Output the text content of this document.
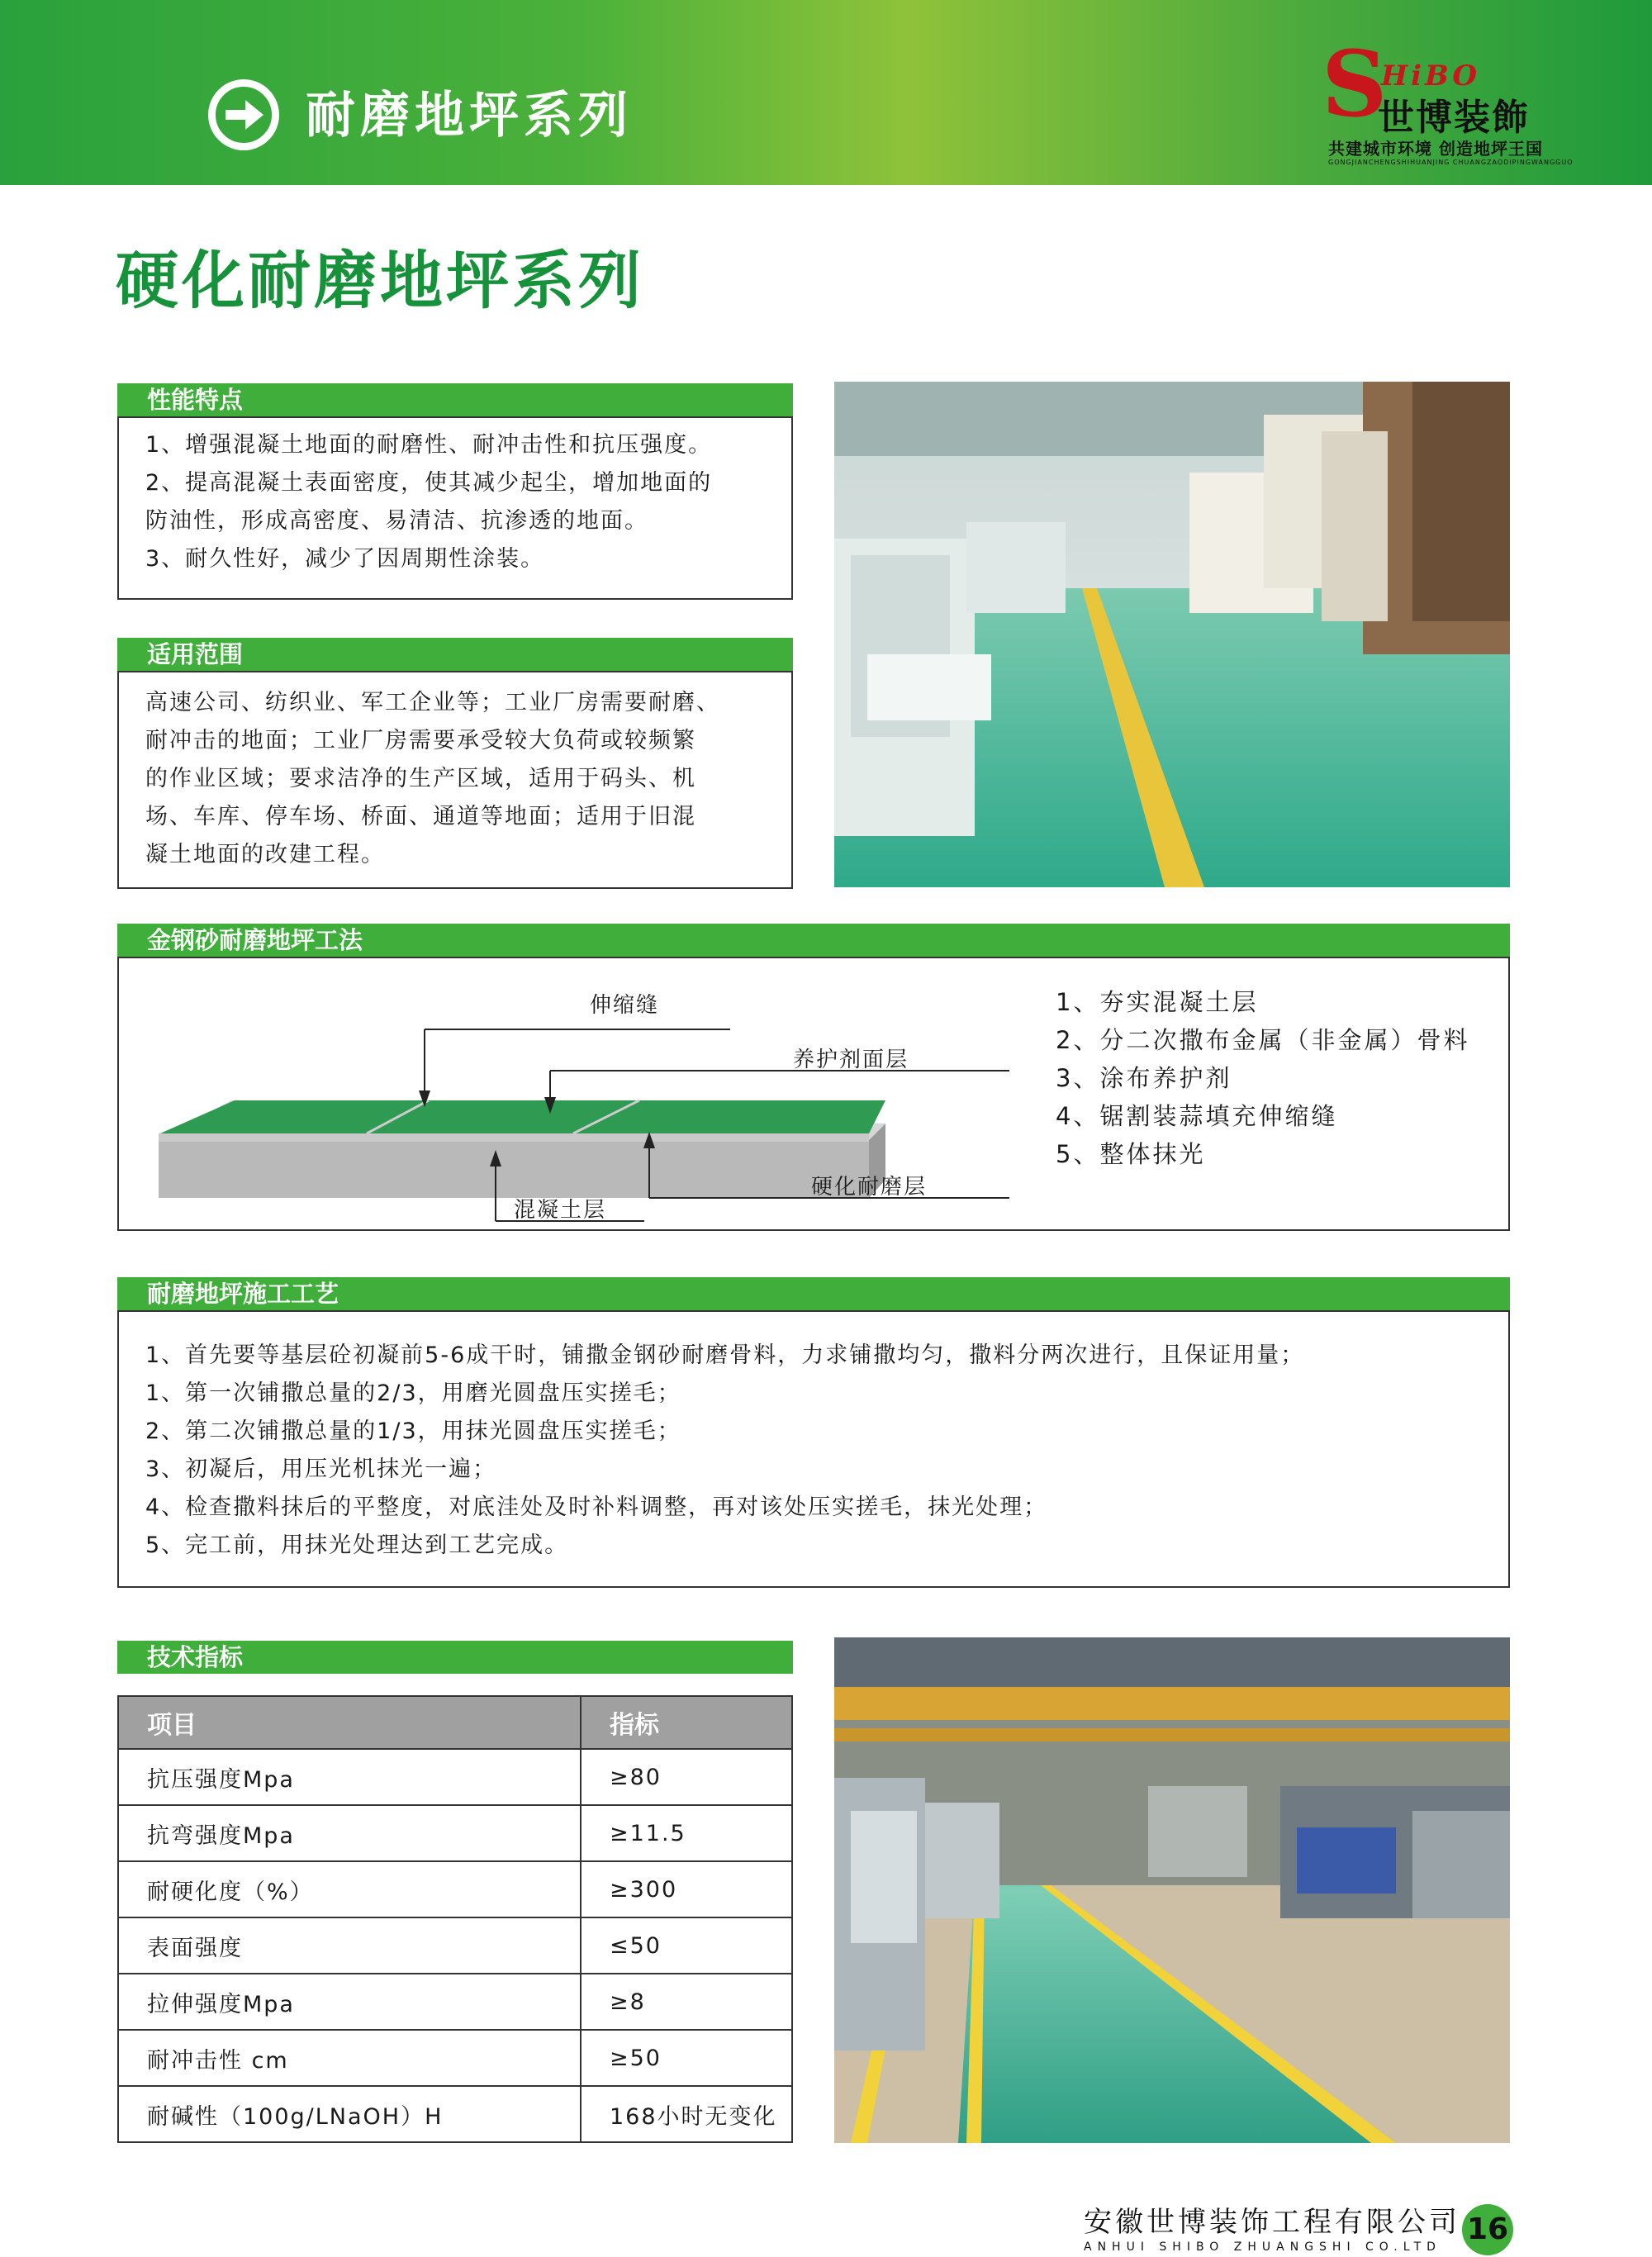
耐磨地坪系列	S
HiBO
世博装飾
共建城市环境 创造地坪王国
GONGJIANCHENGSHIHUANJING CHUANGZAODIPINGWANGGUO
硬化耐磨地坪系列
性能特点
1、增强混凝土地面的耐磨性、耐冲击性和抗压强度。
2、提高混凝土表面密度，使其减少起尘，增加地面的
防油性，形成高密度、易清洁、抗渗透的地面。
3、耐久性好，减少了因周期性涂装。
适用范围
高速公司、纺织业、军工企业等；工业厂房需要耐磨、
耐冲击的地面；工业厂房需要承受较大负荷或较频繁
的作业区域；要求洁净的生产区域，适用于码头、机
场、车库、停车场、桥面、通道等地面；适用于旧混
凝土地面的改建工程。
金钢砂耐磨地坪工法
伸缩缝
养护剂面层
混凝土层
硬化耐磨层
1、夯实混凝土层
2、分二次撒布金属（非金属）骨料
3、涂布养护剂
4、锯割装蒜填充伸缩缝
5、整体抹光
耐磨地坪施工工艺
1、首先要等基层砼初凝前5-6成干时，铺撒金钢砂耐磨骨料，力求铺撒均匀，撒料分两次进行，且保证用量；
1、第一次铺撒总量的2/3，用磨光圆盘压实搓毛；
2、第二次铺撒总量的1/3，用抹光圆盘压实搓毛；
3、初凝后，用压光机抹光一遍；
4、检查撒料抹后的平整度，对底洼处及时补料调整，再对该处压实搓毛，抹光处理；
5、完工前，用抹光处理达到工艺完成。
技术指标
项目	指标
抗压强度Mpa	≥80
抗弯强度Mpa	≥11.5
耐硬化度（%）	≥300
表面强度	≤50
拉伸强度Mpa	≥8
耐冲击性 cm	≥50
耐碱性（100g/LNaOH）H	168小时无变化
安徽世博装饰工程有限公司
ANHUI SHIBO ZHUANGSHI CO.LTD
16
